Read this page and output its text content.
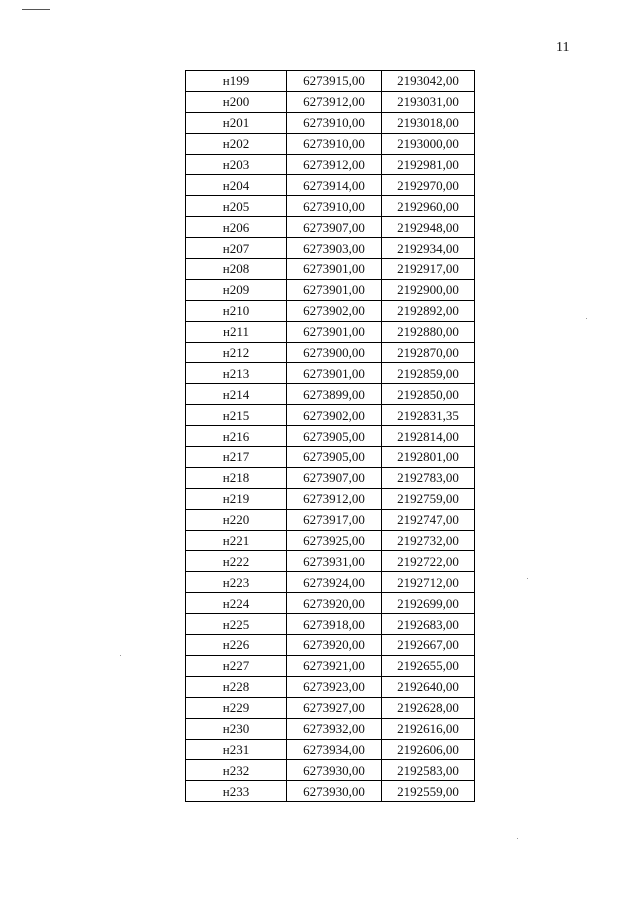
11
н199	6273915,00	2193042,00
н200	6273912,00	2193031,00
н201	6273910,00	2193018,00
н202	6273910,00	2193000,00
н203	6273912,00	2192981,00
н204	6273914,00	2192970,00
н205	6273910,00	2192960,00
н206	6273907,00	2192948,00
н207	6273903,00	2192934,00
н208	6273901,00	2192917,00
н209	6273901,00	2192900,00
н210	6273902,00	2192892,00
н211	6273901,00	2192880,00
н212	6273900,00	2192870,00
н213	6273901,00	2192859,00
н214	6273899,00	2192850,00
н215	6273902,00	2192831,35
н216	6273905,00	2192814,00
н217	6273905,00	2192801,00
н218	6273907,00	2192783,00
н219	6273912,00	2192759,00
н220	6273917,00	2192747,00
н221	6273925,00	2192732,00
н222	6273931,00	2192722,00
н223	6273924,00	2192712,00
н224	6273920,00	2192699,00
н225	6273918,00	2192683,00
н226	6273920,00	2192667,00
н227	6273921,00	2192655,00
н228	6273923,00	2192640,00
н229	6273927,00	2192628,00
н230	6273932,00	2192616,00
н231	6273934,00	2192606,00
н232	6273930,00	2192583,00
н233	6273930,00	2192559,00
